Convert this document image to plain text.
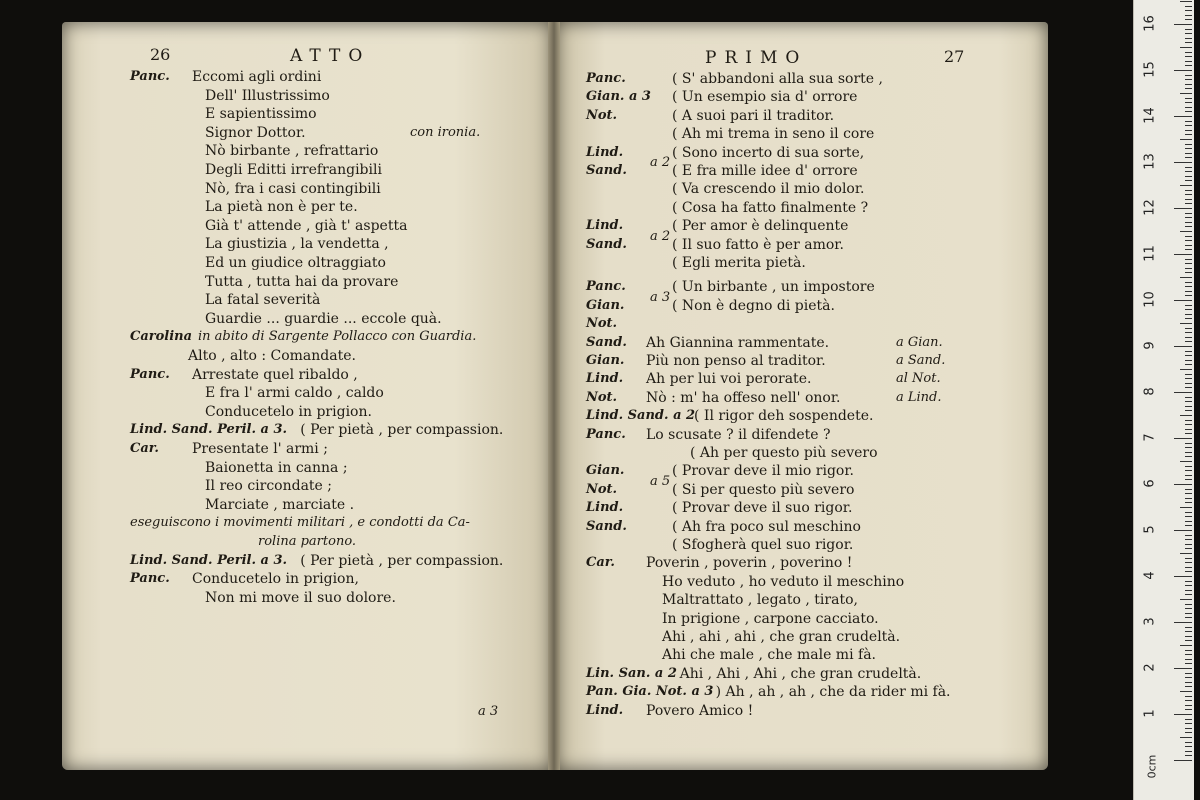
26	ATTO
Panc. Eccomi agli ordini
Dell' Illustrissimo
E sapientissimo
Signor Dottor.	con ironia.
Nò birbante , refrattario
Degli Editti irrefrangibili
Nò, fra i casi contingibili
La pietà non è per te.
Già t' attende , già t' aspetta
La giustizia , la vendetta ,
Ed un giudice oltraggiato
Tutta , tutta hai da provare
La fatal severità
Guardie ... guardie ... eccole quà.
Carolina in abito di Sargente Pollacco con Guardia.
Alto , alto : Comandate.
Panc. Arrestate quel ribaldo ,
E fra l' armi caldo , caldo
Conducetelo in prigion.
Lind. Sand. Peril. a 3. ( Per pietà , per compassion.
Car. Presentate l' armi ;
Baionetta in canna ;
Il reo circondate ;
Marciate , marciate .
eseguiscono i movimenti militari , e condotti da Ca-
rolina partono.
Lind. Sand. Peril. a 3. ( Per pietà , per compassion.
Panc. Conducetelo in prigion,
Non mi move il suo dolore.
a 3
PRIMO	27
Panc.	( S' abbandoni alla sua sorte ,
Gian. a 3 ( Un esempio sia d' orrore
Not.	( A suoi pari il traditor.
( Ah mi trema in seno il core
Lind.	( Sono incerto di sua sorte,
Sand.
a 2
( E fra mille idee d' orrore
( Va crescendo il mio dolor.
( Cosa ha fatto finalmente ?
Lind.	( Per amor è delinquente
Sand.
a 2
( Il suo fatto è per amor.
( Egli merita pietà.
Panc.	( Un birbante , un impostore
Gian.
a 3
( Non è degno di pietà.
Not.
Sand. Ah Giannina rammentate.	a Gian.
Gian. Più non penso al traditor.	a Sand.
Lind. Ah per lui voi perorate.	al Not.
Not. Nò : m' ha offeso nell' onor.	a Lind.
Lind. Sand. a 2
( Il rigor deh sospendete.
Panc. Lo scusate ? il difendete ?
( Ah per questo più severo
Gian.	( Provar deve il mio rigor.
Not.
a 5
( Si per questo più severo
Lind.	( Provar deve il suo rigor.
Sand.	( Ah fra poco sul meschino
( Sfogherà quel suo rigor.
Car. Poverin , poverin , poverino !
Ho veduto , ho veduto il meschino
Maltrattato , legato , tirato,
In prigione , carpone cacciato.
Ahi , ahi , ahi , che gran crudeltà.
Ahi che male , che male mi fà.
Lin. San. a 2 Ahi , Ahi , Ahi , che gran crudeltà.
Pan. Gia. Not. a 3 ) Ah , ah , ah , che da rider mi fà.
Lind. Povero Amico !	1
2
3
4
5
6
7
8
9
10
11
12
13
14
15
16
0cm
